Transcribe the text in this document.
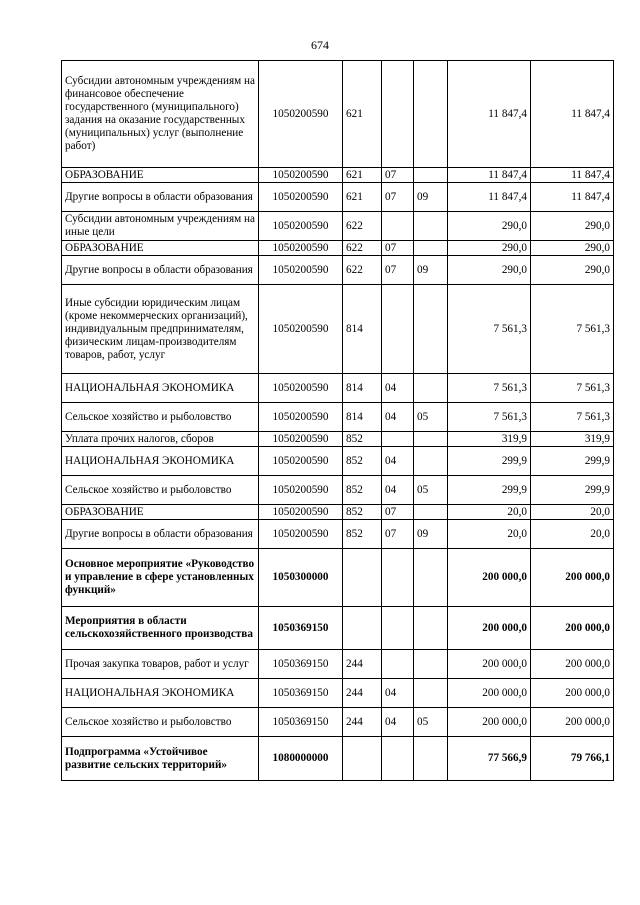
674
Субсидии автономным учреждениям на финансовое обеспечение государственного (муниципального) задания на оказание государственных (муниципальных) услуг (выполнение работ)	1050200590	621			11 847,4	11 847,4
ОБРАЗОВАНИЕ	1050200590	621	07		11 847,4	11 847,4
Другие вопросы в области образования	1050200590	621	07	09	11 847,4	11 847,4
Субсидии автономным учреждениям на иные цели	1050200590	622			290,0	290,0
ОБРАЗОВАНИЕ	1050200590	622	07		290,0	290,0
Другие вопросы в области образования	1050200590	622	07	09	290,0	290,0
Иные субсидии юридическим лицам (кроме некоммерческих организаций), индивидуальным предпринимателям, физическим лицам-производителям товаров, работ, услуг	1050200590	814			7 561,3	7 561,3
НАЦИОНАЛЬНАЯ ЭКОНОМИКА	1050200590	814	04		7 561,3	7 561,3
Сельское хозяйство и рыболовство	1050200590	814	04	05	7 561,3	7 561,3
Уплата прочих налогов, сборов	1050200590	852			319,9	319,9
НАЦИОНАЛЬНАЯ ЭКОНОМИКА	1050200590	852	04		299,9	299,9
Сельское хозяйство и рыболовство	1050200590	852	04	05	299,9	299,9
ОБРАЗОВАНИЕ	1050200590	852	07		20,0	20,0
Другие вопросы в области образования	1050200590	852	07	09	20,0	20,0
Основное мероприятие «Руководство и управление в сфере установленных функций»	1050300000				200 000,0	200 000,0
Мероприятия в области сельскохозяйственного производства	1050369150				200 000,0	200 000,0
Прочая закупка товаров, работ и услуг	1050369150	244			200 000,0	200 000,0
НАЦИОНАЛЬНАЯ ЭКОНОМИКА	1050369150	244	04		200 000,0	200 000,0
Сельское хозяйство и рыболовство	1050369150	244	04	05	200 000,0	200 000,0
Подпрограмма «Устойчивое развитие сельских территорий»	1080000000				77 566,9	79 766,1
